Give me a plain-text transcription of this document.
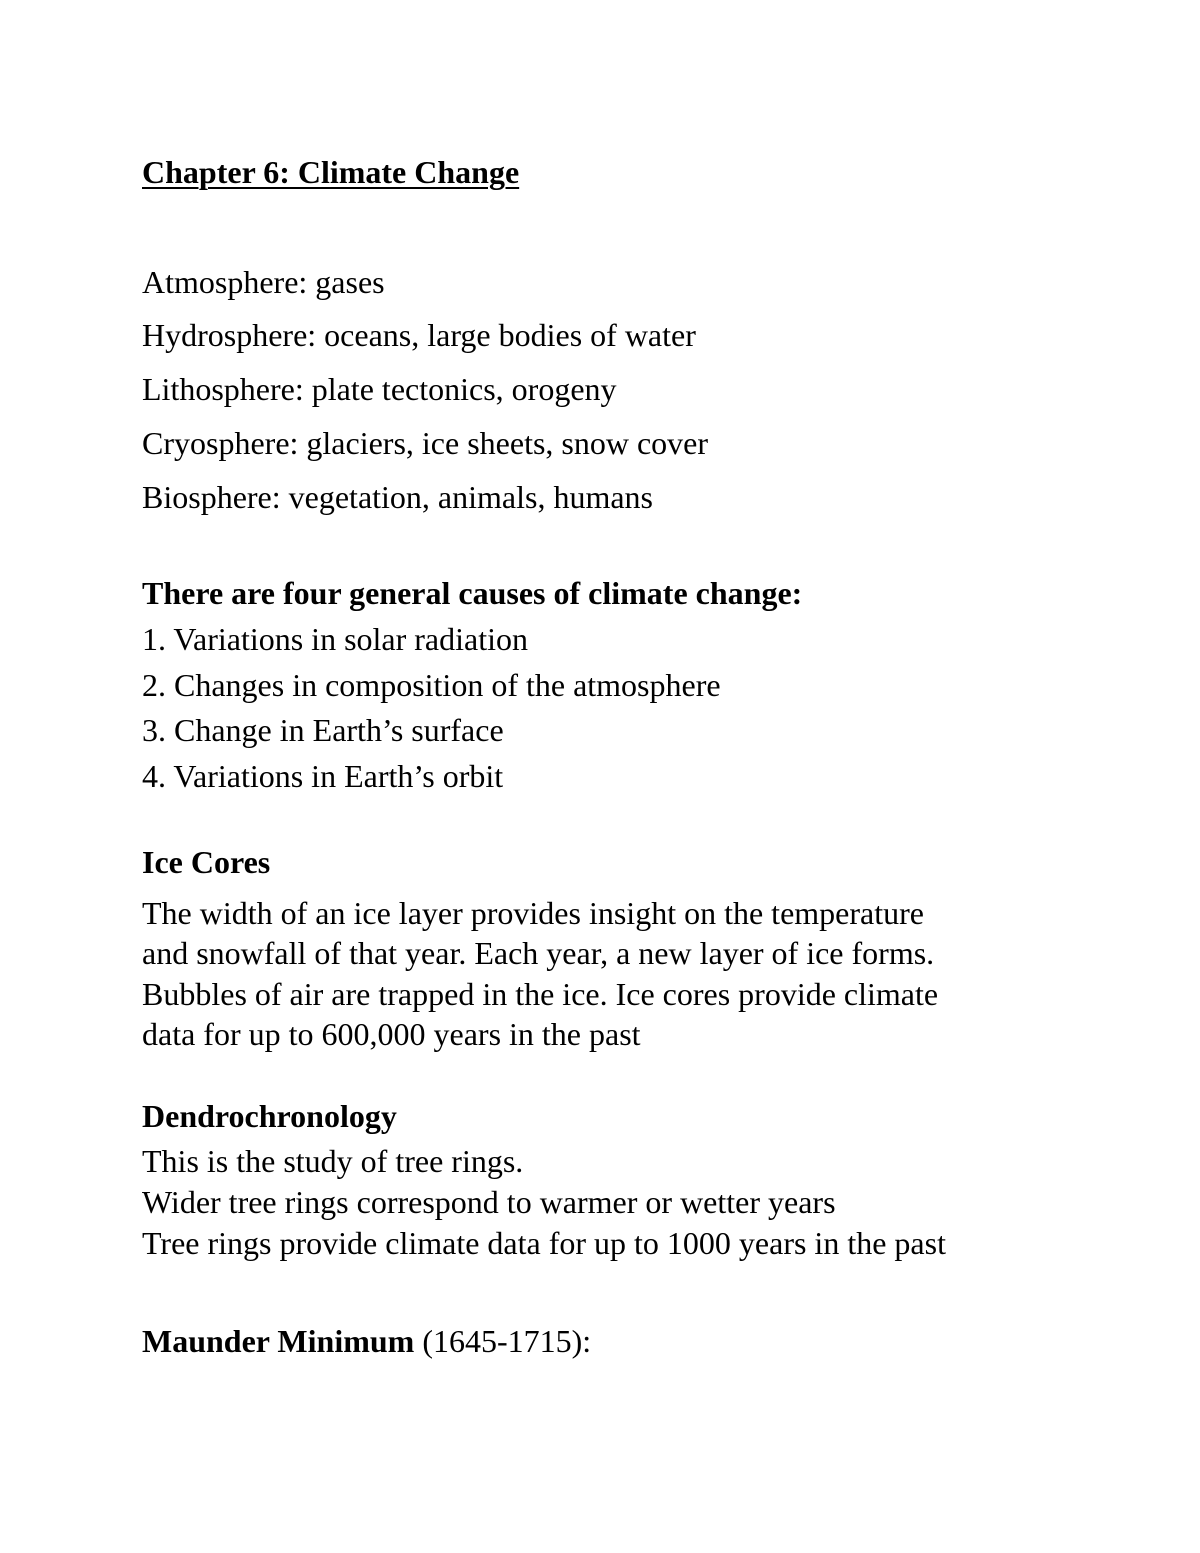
Chapter 6: Climate Change
Atmosphere: gases
Hydrosphere: oceans, large bodies of water
Lithosphere: plate tectonics, orogeny
Cryosphere: glaciers, ice sheets, snow cover
Biosphere: vegetation, animals, humans
There are four general causes of climate change:
1. Variations in solar radiation
2. Changes in composition of the atmosphere
3. Change in Earth’s surface
4. Variations in Earth’s orbit
Ice Cores
The width of an ice layer provides insight on the temperature
and snowfall of that year. Each year, a new layer of ice forms.
Bubbles of air are trapped in the ice. Ice cores provide climate
data for up to 600,000 years in the past
Dendrochronology
This is the study of tree rings.
Wider tree rings correspond to warmer or wetter years
Tree rings provide climate data for up to 1000 years in the past
Maunder Minimum (1645-1715):
